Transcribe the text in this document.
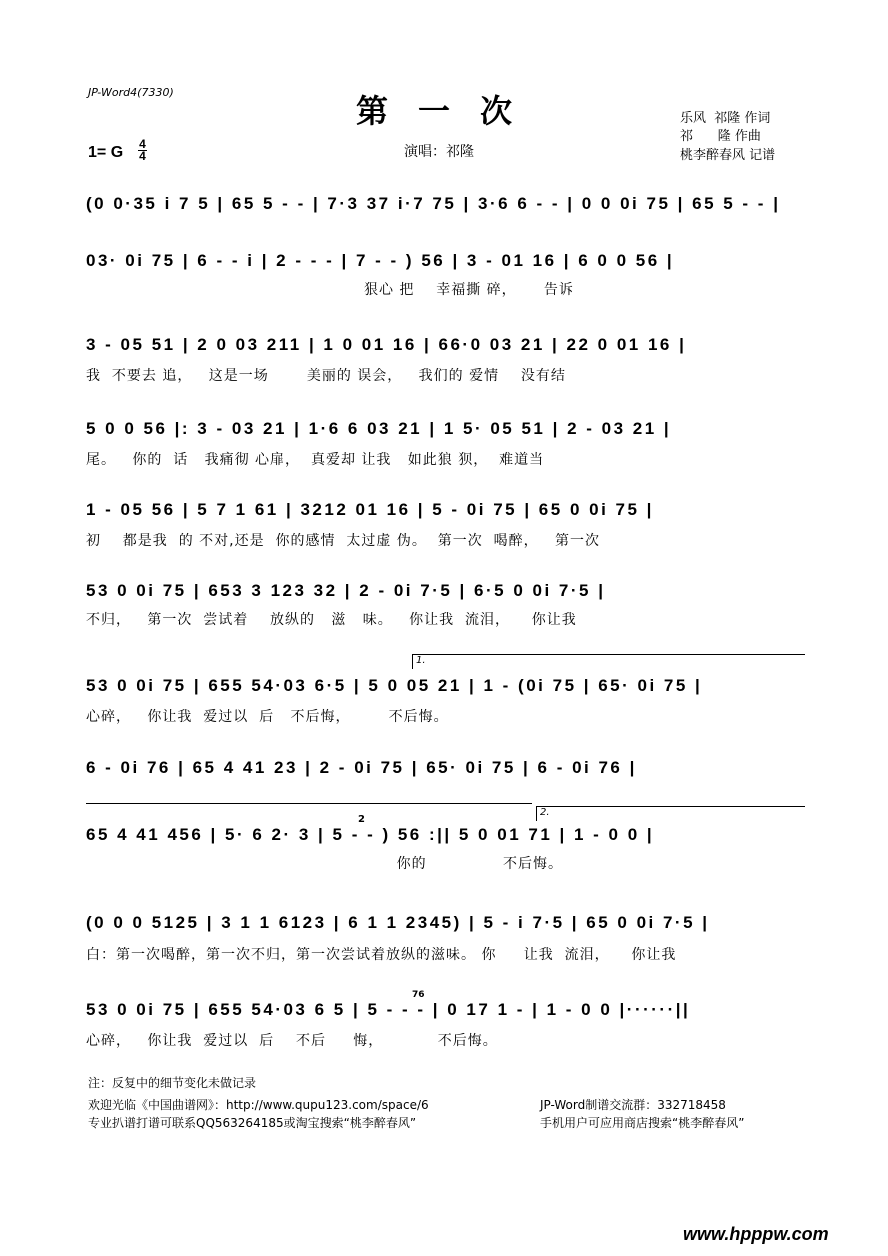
JP-Word4(7330)	第一次	乐风  祁隆 作词
祁      隆 作曲
桃李醉春风 记谱
1= G 4
4	演唱：祁隆
(0 0·35 i 7 5 | 65 5 - - | 7·3 37 i·7 75 | 3·6 6 - - | 0 0 0i 75 | 65 5 - - |
03· 0i 75 | 6 - - i | 2 - - - | 7 - - ) 56 | 3 - 01 16 | 6 0 0 56 |
狠心 把    幸福撕 碎，     告诉
3 - 05 51 | 2 0 03 211 | 1 0 01 16 | 66·0 03 21 | 22 0 01 16 |
我  不要去 追，   这是一场       美丽的 误会，   我们的 爱情    没有结
5 0 0 56 |: 3 - 03 21 | 1·6 6 03 21 | 1 5· 05 51 | 2 - 03 21 |
尾。   你的  话   我痛彻 心扉，  真爱却 让我   如此狼 狈，  难道当
1 - 05 56 | 5 7 1 61 | 3212 01 16 | 5 - 0i 75 | 65 0 0i 75 |
初    都是我  的 不对,还是  你的感情  太过虚 伪。  第一次  喝醉，   第一次
53 0 0i 75 | 653 3 123 32 | 2 - 0i 7·5 | 6·5 0 0i 7·5 |
不归，   第一次  尝试着    放纵的   滋   味。   你让我  流泪，    你让我
1.
53 0 0i 75 | 655 54·03 6·5 | 5 0 05 21 | 1 - (0i 75 | 65· 0i 75 |
心碎，   你让我  爱过以  后   不后悔，       不后悔。
6 - 0i 76 | 65 4 41 23 | 2 - 0i 75 | 65· 0i 75 | 6 - 0i 76 |
2.
2
65 4 41 456 | 5· 6 2· 3 | 5 - - ) 56 :|| 5 0 01 71 | 1 - 0 0 |
你的              不后悔。
(0 0 0 5125 | 3 1 1 6123 | 6 1 1 2345) | 5 - i 7·5 | 65 0 0i 7·5 |
白：第一次喝醉，第一次不归，第一次尝试着放纵的滋味。 你     让我  流泪，    你让我
76
53 0 0i 75 | 655 54·03 6 5 | 5 - - - | 0 17 1 - | 1 - 0 0 |······||
心碎，   你让我  爱过以  后    不后     悔，          不后悔。
注：反复中的细节变化未做记录
欢迎光临《中国曲谱网》：http://www.qupu123.com/space/6
专业扒谱打谱可联系QQ563264185或淘宝搜索“桃李醉春风”
JP-Word制谱交流群：332718458
手机用户可应用商店搜索“桃李醉春风”
www.hpppw.com
